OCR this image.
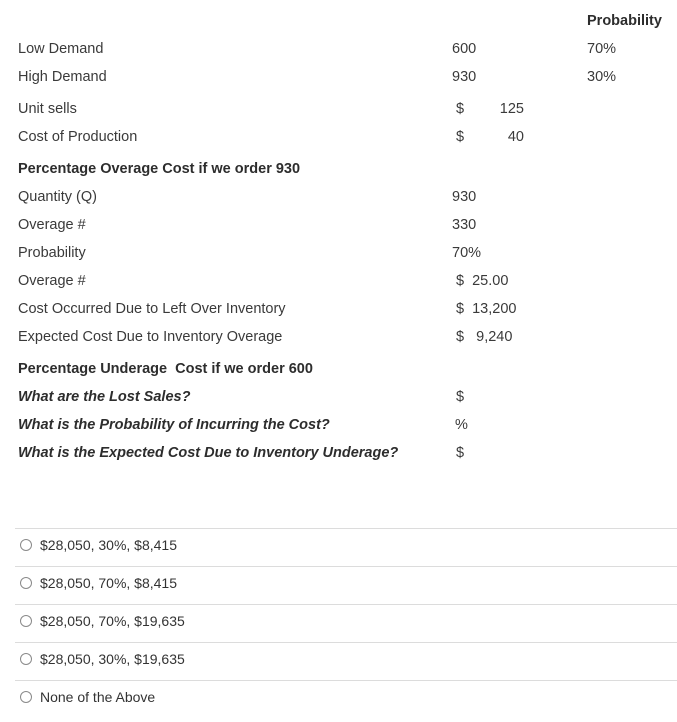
Probability
Low Demand	600	70%
High Demand	930	30%
Unit sells	$ 125
Cost of Production	$	40
Percentage Overage Cost if we order 930
Quantity (Q)	930
Overage #	330
Probability	70%
Overage #	$  25.00
Cost Occurred Due to Left Over Inventory	$  13,200
Expected Cost Due to Inventory Overage	$   9,240
Percentage Underage  Cost if we order 600
What are the Lost Sales?	$
What is the Probability of Incurring the Cost?	%
What is the Expected Cost Due to Inventory Underage?	$
$28,050, 30%, $8,415
$28,050, 70%, $8,415
$28,050, 70%, $19,635
$28,050, 30%, $19,635
None of the Above
